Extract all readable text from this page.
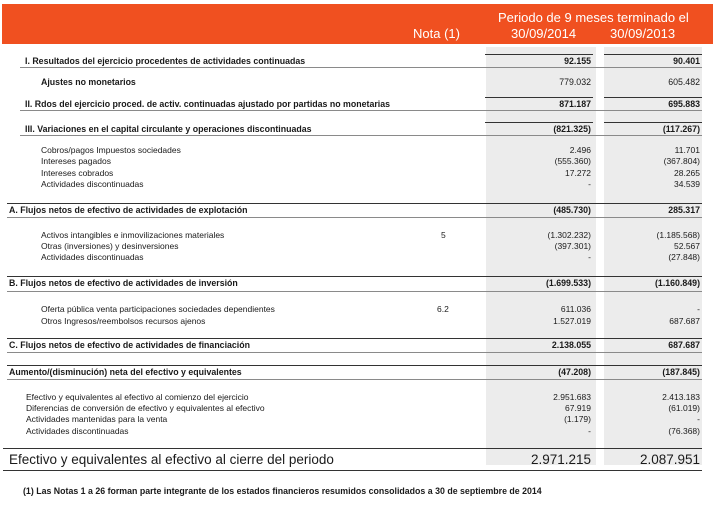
Nota (1)
Periodo de 9 meses terminado el
30/09/2014	30/09/2013
I. Resultados del ejercicio procedentes de actividades continuadas	92.155	90.401
Ajustes no monetarios	779.032	605.482
II. Rdos del ejercicio proced. de activ. continuadas ajustado por partidas no monetarias	871.187	695.883
III. Variaciones en el capital circulante y operaciones discontinuadas	(821.325)	(117.267)
Cobros/pagos Impuestos sociedades	2.496	11.701
Intereses pagados	(555.360)	(367.804)
Intereses cobrados	17.272	28.265
Actividades discontinuadas	-	34.539
A. Flujos netos de efectivo de actividades de explotación	(485.730)	285.317
Activos intangibles e inmovilizaciones materiales	5	(1.302.232)	(1.185.568)
Otras (inversiones) y desinversiones	(397.301)	52.567
Actividades discontinuadas	-	(27.848)
B. Flujos netos de efectivo de actividades de inversión	(1.699.533)	(1.160.849)
Oferta pública venta participaciones sociedades dependientes	6.2	611.036	-
Otros Ingresos/reembolsos recursos ajenos	1.527.019	687.687
C. Flujos netos de efectivo de actividades de financiación	2.138.055	687.687
Aumento/(disminución) neta del efectivo y equivalentes	(47.208)	(187.845)
Efectivo y equivalentes al efectivo al comienzo del ejercicio	2.951.683	2.413.183
Diferencias de conversión de efectivo y equivalentes al efectivo	67.919	(61.019)
Actividades mantenidas para la venta	(1.179)	-
Actividades discontinuadas	-	(76.368)
Efectivo y equivalentes al efectivo al cierre del periodo	2.971.215	2.087.951
(1) Las Notas 1 a 26 forman parte integrante de los estados financieros resumidos consolidados a 30 de septiembre de 2014
